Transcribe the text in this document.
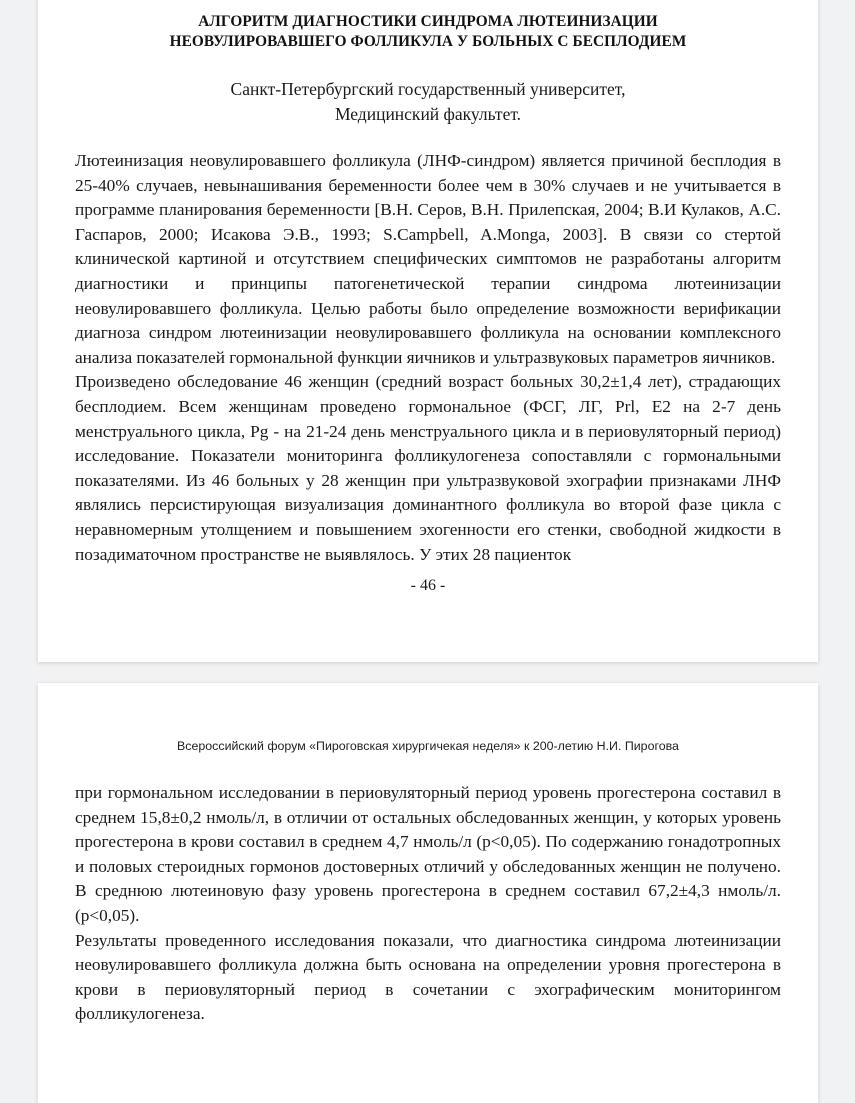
АЛГОРИТМ ДИАГНОСТИКИ СИНДРОМА ЛЮТЕИНИЗАЦИИ
НЕОВУЛИРОВАВШЕГО ФОЛЛИКУЛА У БОЛЬНЫХ С БЕСПЛОДИЕМ
Санкт-Петербургский государственный университет,
Медицинский факультет.

Лютеинизация неовулировавшего фолликула (ЛНФ-синдром) является причиной бесплодия в 25-40% случаев, невынашивания беременности более чем в 30% случаев и не учитывается в программе планирования беременности [В.Н. Серов, В.Н. Прилепская, 2004; В.И Кулаков, А.С. Гаспаров, 2000; Исакова Э.В., 1993; S.Campbell, A.Monga, 2003]. В связи со стертой клинической картиной и отсутствием специфических симптомов не разработаны алгоритм диагностики и принципы патогенетической терапии синдрома лютеинизации неовулировавшего фолликула. Целью работы было определение возможности верификации диагноза синдром лютеинизации неовулировавшего фолликула на основании комплексного анализа показателей гормональной функции яичников и ультразвуковых параметров яичников.

Произведено обследование 46 женщин (средний возраст больных 30,2±1,4 лет), страдающих бесплодием. Всем женщинам проведено гормональное (ФСГ, ЛГ, Prl, E2 на 2-7 день менструального цикла, Pg - на 21-24 день менструального цикла и в периовуляторный период) исследование. Показатели мониторинга фолликулогенеза сопоставляли с гормональными показателями. Из 46 больных у 28 женщин при ультразвуковой эхографии признаками ЛНФ являлись персистирующая визуализация доминантного фолликула во второй фазе цикла с неравномерным утолщением и повышением эхогенности его стенки, свободной жидкости в позадиматочном пространстве не выявлялось. У этих 28 пациенток

- 46 -
Всероссийский форум «Пироговская хирургичекая неделя» к 200-летию Н.И. Пирогова

при гормональном исследовании в периовуляторный период уровень прогестерона составил в среднем 15,8±0,2 нмоль/л, в отличии от остальных обследованных женщин, у которых уровень прогестерона в крови составил в среднем 4,7 нмоль/л (p<0,05). По содержанию гонадотропных и половых стероидных гормонов достоверных отличий у обследованных женщин не получено. В среднюю лютеиновую фазу уровень прогестерона в среднем составил 67,2±4,3 нмоль/л. (p<0,05).

Результаты проведенного исследования показали, что диагностика синдрома лютеинизации неовулировавшего фолликула должна быть основана на определении уровня прогестерона в крови в периовуляторный период в сочетании с эхографическим мониторингом фолликулогенеза.
